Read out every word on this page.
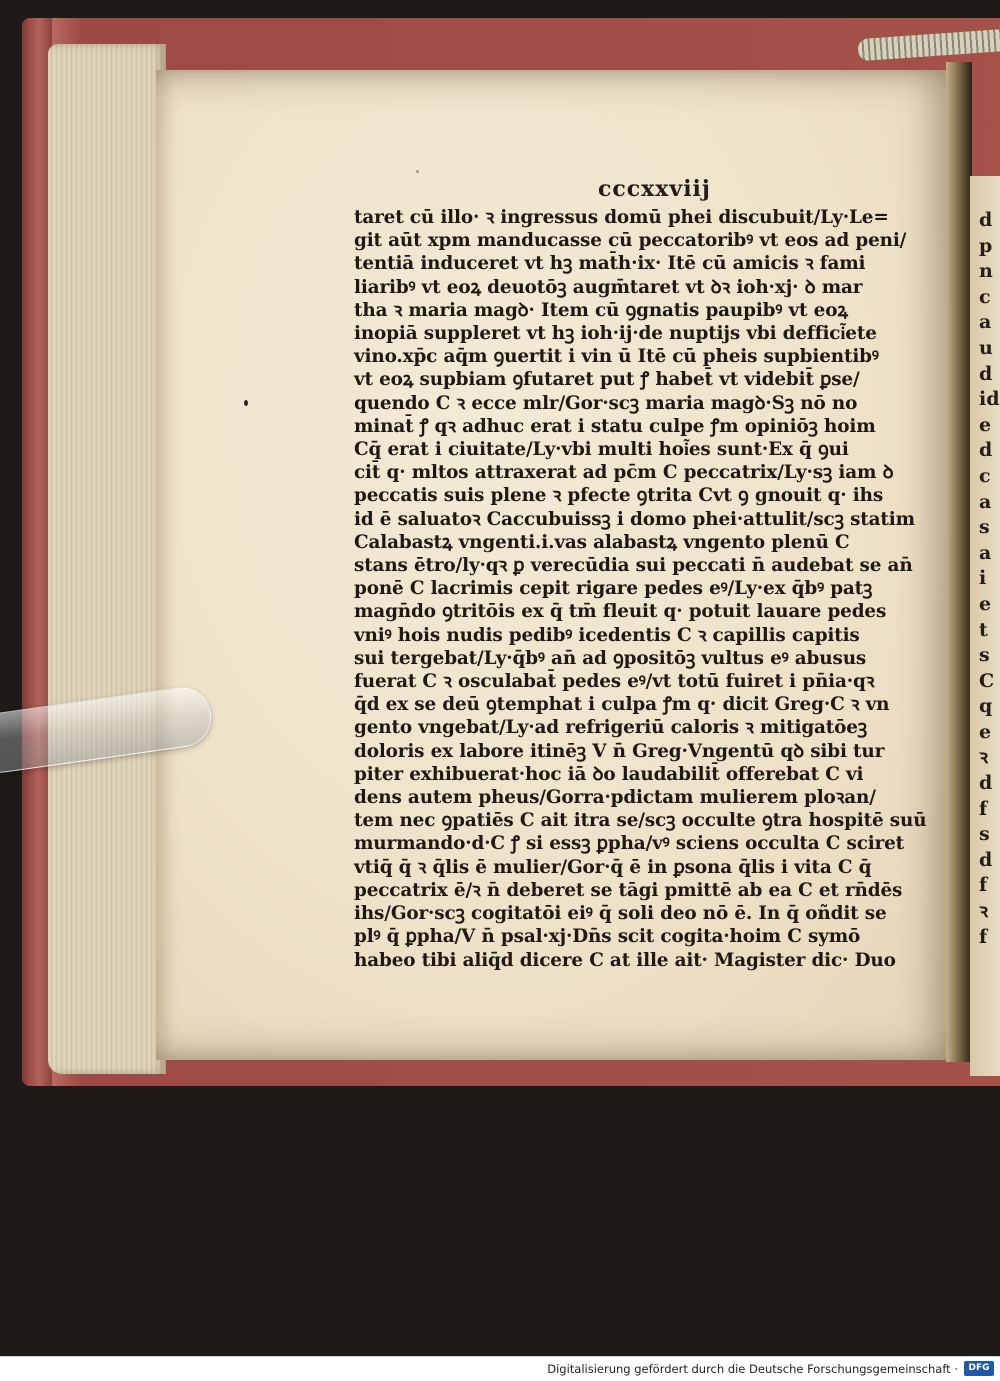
d
p
n
c
a
u
d
id
e
d
c
a
s
a
i
e
t
s
C
q
e
ꝛ
d
f
s
d
f
ꝛ
f
cccxxviij
taret cū illo· ꝛ ingressus domū phei discubuit/Ly·Le=
git aūt xpm manducasse cū peccatoribꝰ vt eos ad peni/
tentiā induceret vt hꝫ mat̄h·ix· Itē cū amicis ꝛ fami
liaribꝰ vt eoꝝ deuotōꝫ augm̄taret vt ꝺꝛ ioh·xj· ꝺ mar
tha ꝛ maria magꝺ· Item cū ꝯgnatis paupibꝰ vt eoꝝ
inopiā suppleret vt hꝫ ioh·ij·de nuptijs vbi deffici͂ete
vino.xp̄c aq̄m ꝯuertit i vin ū Itē cū pheis supbientibꝰ
vt eoꝝ supbiam ꝯfutaret put ꝭ habet̄ vt videbit̄ ꝑse/
quendo C ꝛ ecce mlr/Gor·scꝫ maria magꝺ·Sꝫ nō no
minat̄ ꝭ qꝛ adhuc erat i statu culpe ꝭm opiniōꝫ hoim
Cq̄ erat i ciuitate/Ly·vbi multi hoi͂es sunt·Ex q̄ ꝯui
cit̄ q· mltos attraxerat ad pc̄m C peccatrix/Ly·sꝫ iam ꝺ
peccatis suis plene ꝛ pfecte ꝯtrita Cvt ꝯ gnouit q· ihs
id ē saluatoꝛ Caccubuissꝫ i domo phei·attulit/scꝫ statim
Calabastꝝ vngenti.i.vas alabastꝝ vngento plenū C
stans ētro/ly·qꝛ ꝑ verecūdia sui peccati n̄ audebat se an̄
ponē C lacrimis cepit rigare pedes eꝰ/Ly·ex q̄bꝰ patꝫ
magn̄do ꝯtritōis ex q̄ tm̄ fleuit q· potuit lauare pedes
vniꝰ hois nudis pedibꝰ icedentis C ꝛ capillis capitis
sui tergebat/Ly·q̄bꝰ an̄ ad ꝯpositōꝫ vultus eꝰ abusus
fuerat C ꝛ osculabat̄ pedes eꝰ/vt totū fuiret i pn̄ia·qꝛ
q̄d ex se deū ꝯtemphat i culpa ꝭm q· dicit Greg·C ꝛ vn
gento vngebat/Ly·ad refrigeriū caloris ꝛ mitigatōeꝫ
doloris ex labore itinēꝫ V n̄ Greg·Vngentū qꝺ sibi tur
piter exhibuerat·hoc iā ꝺo laudabilit̄ offerebat C vi
dens autem pheus/Gorra·pdictam mulierem ploꝛan/
tem nec ꝯpatiēs C ait itra se/scꝫ occulte ꝯtra hospitē suū
murmando·d·C ꝭ si essꝫ ꝑpha/vꝰ sciens occulta C sciret
vtiq̄ q̄ ꝛ q̄lis ē mulier/Gor·q̄ ē in ꝑsona q̄lis i vita C q̄
peccatrix ē/ꝛ n̄ deberet se tāgi pmittē ab ea C et rn̄dēs
ihs/Gor·scꝫ cogitatōi eiꝰ q̄ soli deo nō ē. In q̄ oñdit se
plꝰ q̄ ꝑpha/V n̄ psal·xj·Dn̄s scit cogita·hoim C symō
habeo tibi aliq̄d dicere C at ille ait· Magister dic· Duo
Digitalisierung gefördert durch die Deutsche Forschungsgemeinschaft ·	DFG
